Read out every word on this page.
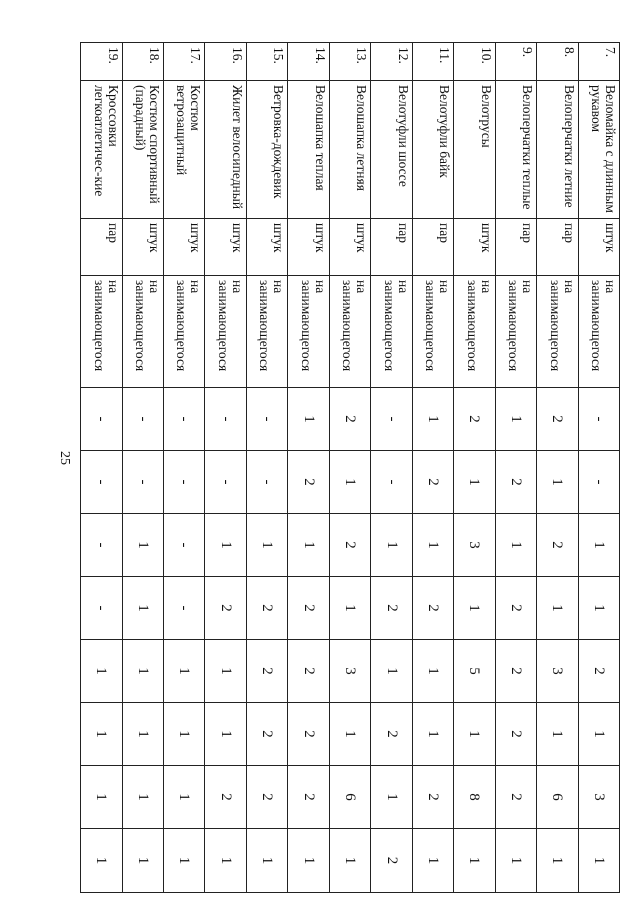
25
7.	Веломайка с длинным рукавом	штук	на занимающегося	-	-	1	1	2	1	3	1
8.	Велоперчатки летние	пар	на занимающегося	2	1	2	1	3	1	6	1
9.	Велоперчатки теплые	пар	на занимающегося	1	2	1	2	2	2	2	1
10.	Велотрусы	штук	на занимающегося	2	1	3	1	5	1	8	1
11.	Велотуфли байк	пар	на занимающегося	1	2	1	2	1	1	2	1
12.	Велотуфли шоссе	пар	на занимающегося	-	-	1	2	1	2	1	2
13.	Велошапка летняя	штук	на занимающегося	2	1	2	1	3	1	6	1
14.	Велошапка теплая	штук	на занимающегося	1	2	1	2	2	2	2	1
15.	Ветровка-дождевик	штук	на занимающегося	-	-	1	2	2	2	2	1
16.	Жилет велосипедный	штук	на занимающегося	-	-	1	2	1	1	2	1
17.	Костюм ветрозащитный	штук	на занимающегося	-	-	-	-	1	1	1	1
18.	Костюм спортивный (парадный)	штук	на занимающегося	-	-	1	1	1	1	1	1
19.	Кроссовки легкоатлетичес-кие	пар	на занимающегося	-	-	-	-	1	1	1	1
